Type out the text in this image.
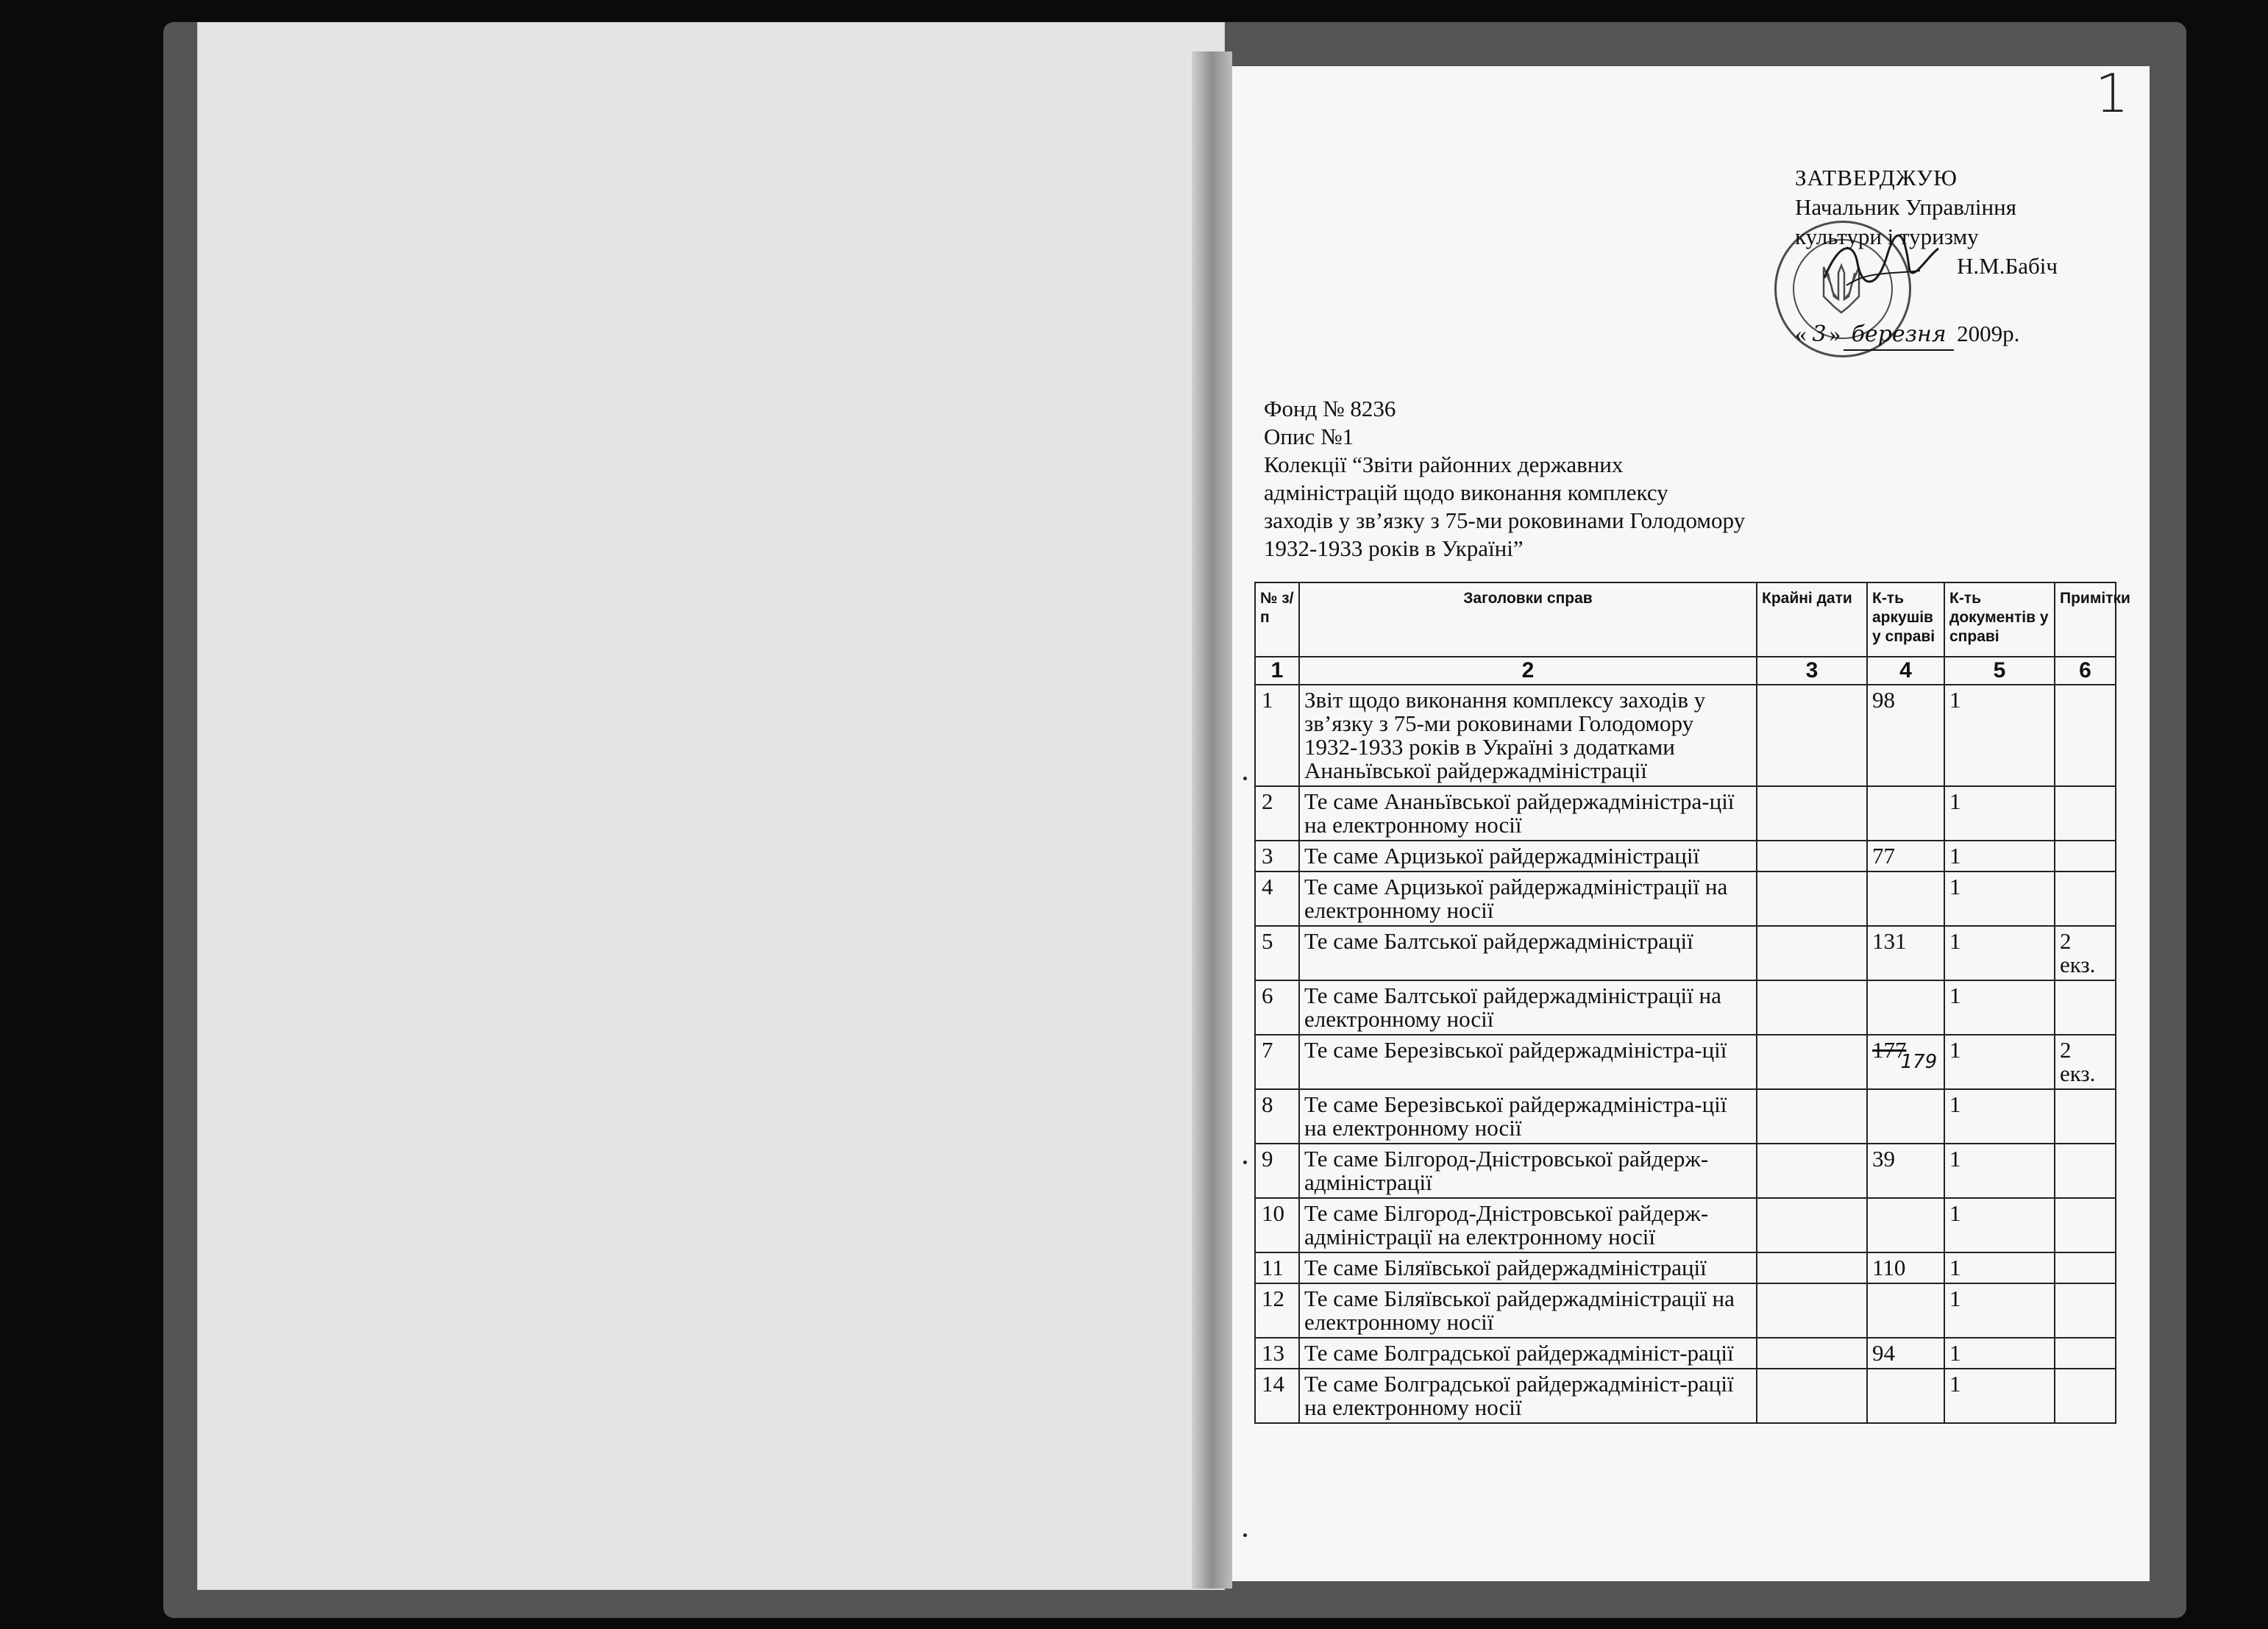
1
ЗАТВЕРДЖУЮ
Начальник Управління
культури і туризму
Н.М.Бабіч
« 3 » березня 2009р.
Фонд № 8236
Опис №1
Колекції “Звіти районних державних
адміністрацій щодо виконання комплексу
заходів у зв’язку з 75-ми роковинами Голодомору
1932-1933 років в Україні”
№ з/п	Заголовки справ	Крайні дати	К-ть аркушів у справі	К-ть документів у справі	Примітки
1	2	3	4	5	6
1	Звіт щодо виконання комплексу заходів у зв’язку з 75-ми роковинами Голодомору 1932-1933 років в Україні з додатками Ананьївської райдержадміністрації		98	1	
2	Те саме Ананьївської райдержадміністра-ції на електронному носії			1	
3	Те саме Арцизької райдержадміністрації		77	1	
4	Те саме Арцизької райдержадміністрації на електронному носії			1	
5	Те саме Балтської райдержадміністрації		131	1	2 екз.
6	Те саме Балтської райдержадміністрації на електронному носії			1	
7	Те саме Березівської райдержадміністра-ції		$177_{179}$	1	2 екз.
8	Те саме Березівської райдержадміністра-ції на електронному носії			1	
9	Те саме Білгород-Дністровської райдерж-адміністрації		39	1	
10	Те саме Білгород-Дністровської райдерж-адміністрації на електронному носії			1	
11	Те саме Біляївської райдержадміністрації		110	1	
12	Те саме Біляївської райдержадміністрації на електронному носії			1	
13	Те саме Болградської райдержадмініст-рації		94	1	
14	Те саме Болградської райдержадмініст-рації на електронному носії			1	
